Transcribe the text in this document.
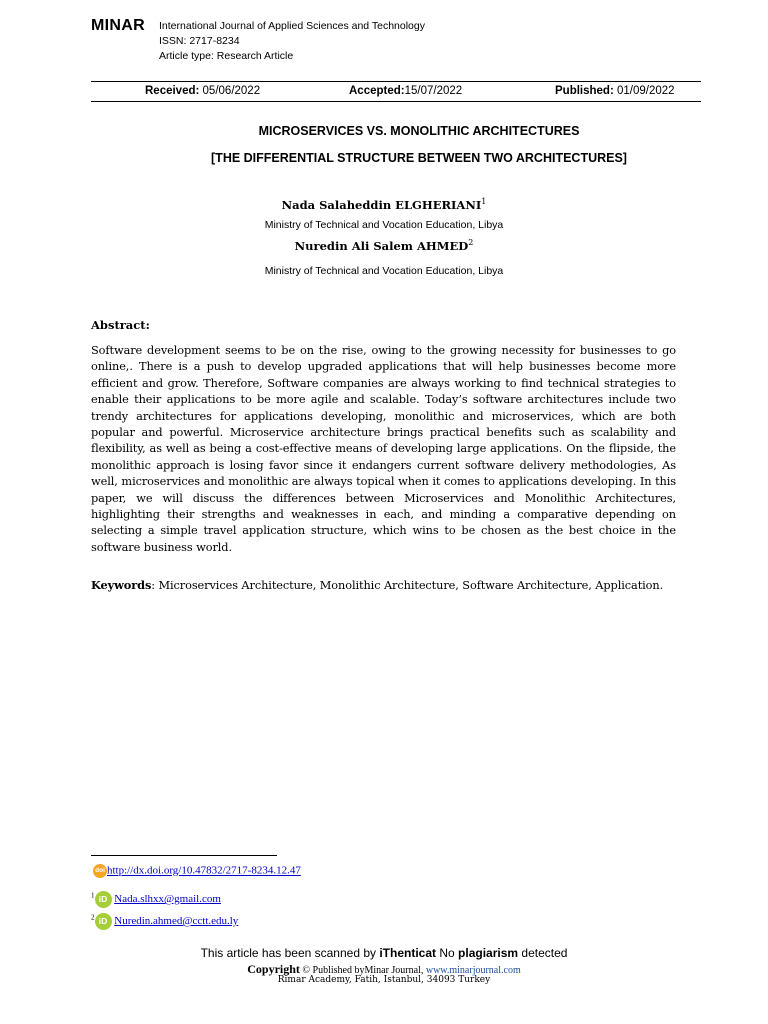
MINAR International Journal of Applied Sciences and Technology
ISSN: 2717-8234
Article type: Research Article
Received: 05/06/2022	Accepted:15/07/2022	Published: 01/09/2022
MICROSERVICES VS. MONOLITHIC ARCHITECTURES
[THE DIFFERENTIAL STRUCTURE BETWEEN TWO ARCHITECTURES]
Nada Salaheddin ELGHERIANI$^1$
Ministry of Technical and Vocation Education, Libya
Nuredin Ali Salem AHMED$^2$
Ministry of Technical and Vocation Education, Libya
Abstract:
Software development seems to be on the rise, owing to the growing necessity for businesses to go online,. There is a push to develop upgraded applications that will help businesses become more efficient and grow. Therefore, Software companies are always working to find technical strategies to enable their applications to be more agile and scalable. Today’s software architectures include two trendy architectures for applications developing, monolithic and microservices, which are both popular and powerful. Microservice architecture brings practical benefits such as scalability and flexibility, as well as being a cost-effective means of developing large applications. On the flipside, the monolithic approach is losing favor since it endangers current software delivery methodologies, As well, microservices and monolithic are always topical when it comes to applications developing. In this paper, we will discuss the differences between Microservices and Monolithic Architectures, highlighting their strengths and weaknesses in each, and minding a comparative depending on selecting a simple travel application structure, which wins to be chosen as the best choice in the software business world.
Keywords: Microservices Architecture, Monolithic Architecture, Software Architecture, Application.
doi http://dx.doi.org/10.47832/2717-8234.12.47
$^1$ iD Nada.slhxx@gmail.com
$^2$ iD Nuredin.ahmed@cctt.edu.ly
This article has been scanned by iThenticat No plagiarism detected
Copyright © Published byMinar Journal, www.minarjournal.com
Rimar Academy, Fatih, Istanbul, 34093 Turkey
